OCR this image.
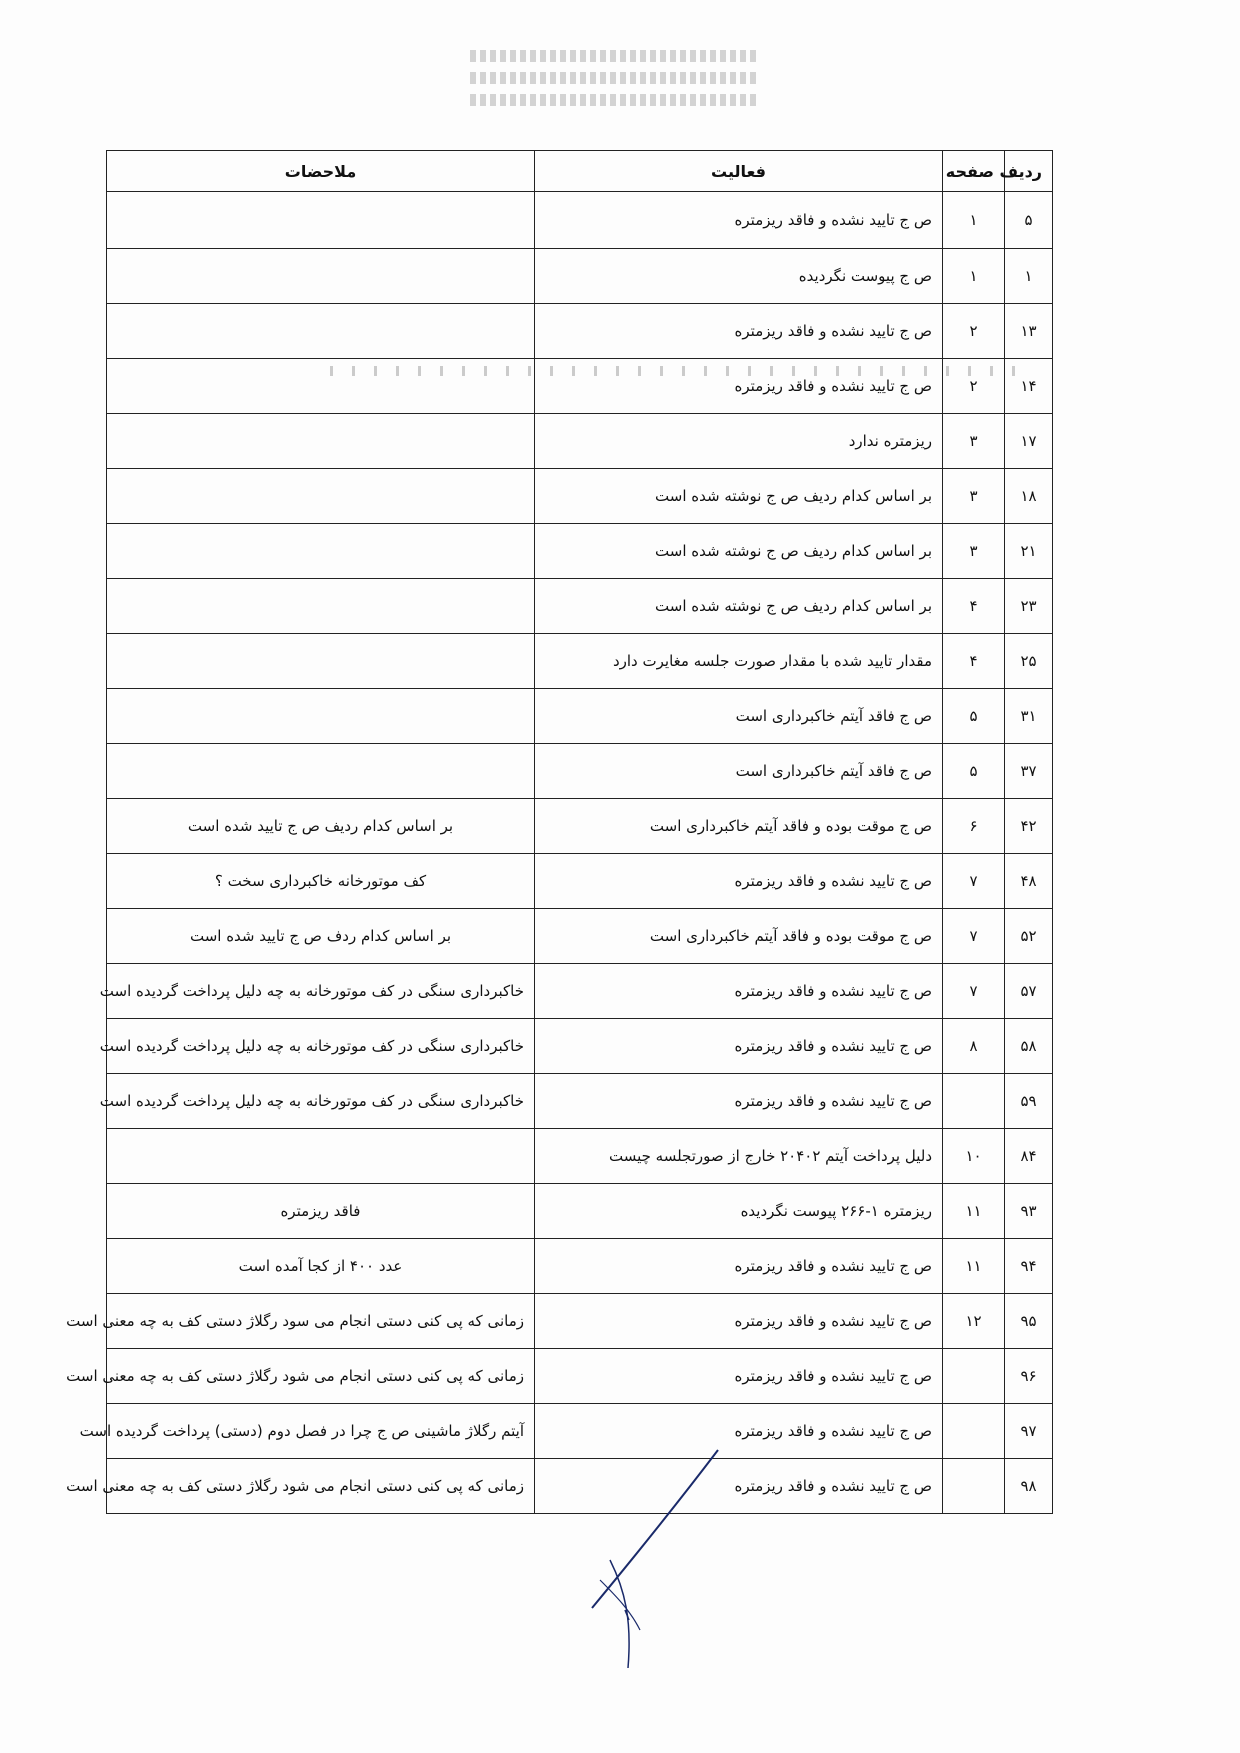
ردیف	صفحه	فعالیت	ملاحضات
۵	۱	ص ج تایید نشده و فاقد ریزمتره	
۱	۱	ص ج پیوست نگردیده	
۱۳	۲	ص ج تایید نشده و فاقد ریزمتره	
۱۴	۲	ص ج تایید نشده و فاقد ریزمتره	
۱۷	۳	ریزمتره ندارد	
۱۸	۳	بر اساس کدام ردیف ص ج نوشته شده است	
۲۱	۳	بر اساس کدام ردیف ص ج نوشته شده است	
۲۳	۴	بر اساس کدام ردیف ص ج نوشته شده است	
۲۵	۴	مقدار تایید شده با مقدار صورت جلسه مغایرت دارد	
۳۱	۵	ص ج فاقد آیتم خاکبرداری است	
۳۷	۵	ص ج فاقد آیتم خاکبرداری است	
۴۲	۶	ص ج موقت بوده و فاقد آیتم خاکبرداری است	بر اساس کدام ردیف ص ج تایید شده است
۴۸	۷	ص ج تایید نشده و فاقد ریزمتره	کف موتورخانه خاکبرداری سخت ؟
۵۲	۷	ص ج موقت بوده و فاقد آیتم خاکبرداری است	بر اساس کدام ردف ص ج تایید شده است
۵۷	۷	ص ج تایید نشده و فاقد ریزمتره	خاکبرداری سنگی در کف موتورخانه به چه دلیل پرداخت گردیده است
۵۸	۸	ص ج تایید نشده و فاقد ریزمتره	خاکبرداری سنگی در کف موتورخانه به چه دلیل پرداخت گردیده است
۵۹		ص ج تایید نشده و فاقد ریزمتره	خاکبرداری سنگی در کف موتورخانه به چه دلیل پرداخت گردیده است
۸۴	۱۰	دلیل پرداخت آیتم ۲۰۴۰۲ خارج از صورتجلسه چیست	
۹۳	۱۱	ریزمتره ۱-۲۶۶ پیوست نگردیده	فاقد ریزمتره
۹۴	۱۱	ص ج تایید نشده و فاقد ریزمتره	عدد ۴۰۰ از کجا آمده است
۹۵	۱۲	ص ج تایید نشده و فاقد ریزمتره	زمانی که پی کنی دستی انجام می سود رگلاژ دستی کف به چه معنی است
۹۶		ص ج تایید نشده و فاقد ریزمتره	زمانی که پی کنی دستی انجام می شود رگلاژ دستی کف به چه معنی است
۹۷		ص ج تایید نشده و فاقد ریزمتره	آیتم رگلاژ ماشینی ص ج چرا در فصل دوم (دستی) پرداخت گردیده است
۹۸		ص ج تایید نشده و فاقد ریزمتره	زمانی که پی کنی دستی انجام می شود رگلاژ دستی کف به چه معنی است
